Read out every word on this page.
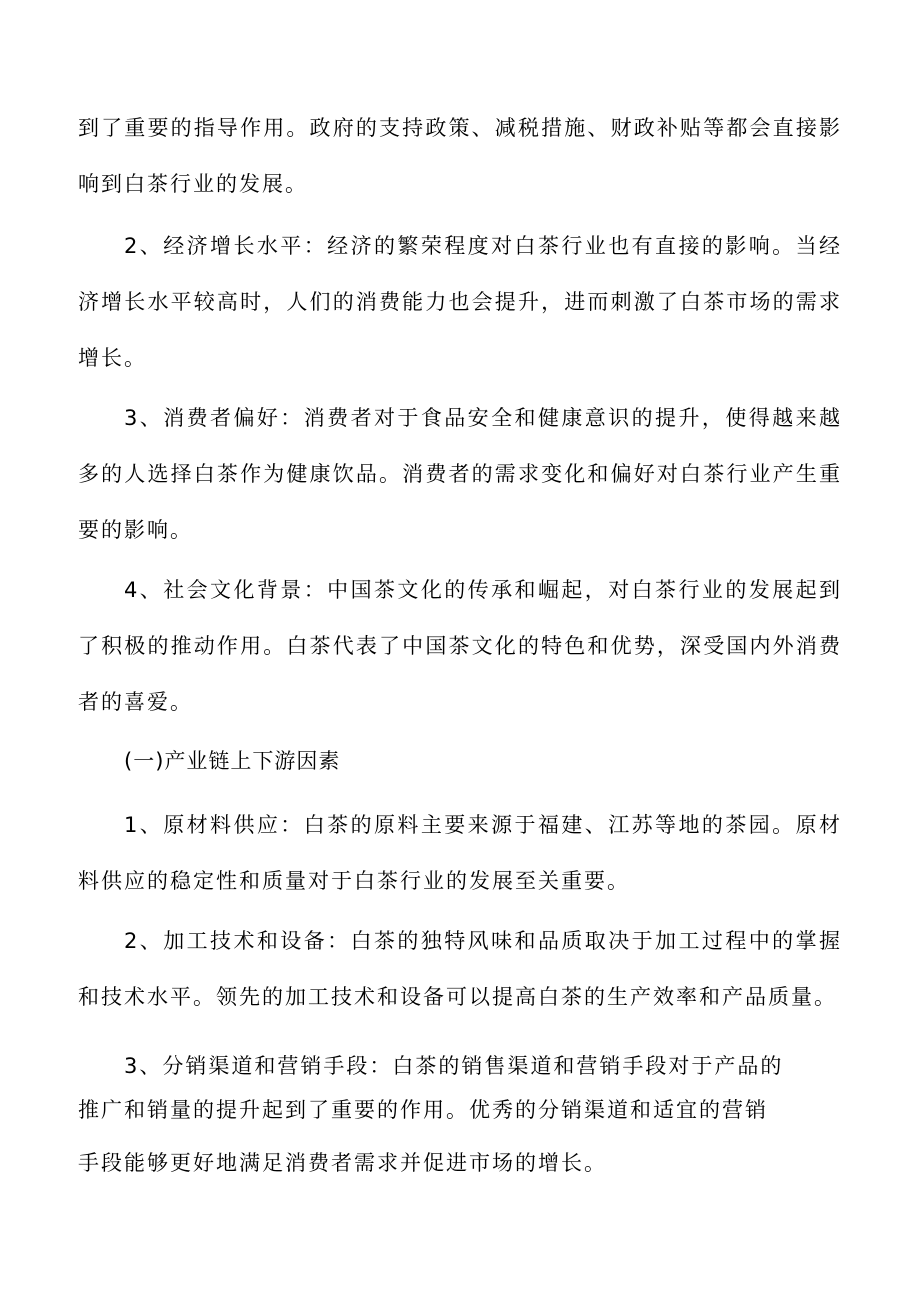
到了重要的指导作用。政府的支持政策、减税措施、财政补贴等都会直接影响到白茶行业的发展。

2、经济增长水平：经济的繁荣程度对白茶行业也有直接的影响。当经济增长水平较高时，人们的消费能力也会提升，进而刺激了白茶市场的需求增长。

3、消费者偏好：消费者对于食品安全和健康意识的提升，使得越来越多的人选择白茶作为健康饮品。消费者的需求变化和偏好对白茶行业产生重要的影响。

4、社会文化背景：中国茶文化的传承和崛起，对白茶行业的发展起到了积极的推动作用。白茶代表了中国茶文化的特色和优势，深受国内外消费者的喜爱。

(一)产业链上下游因素

1、原材料供应：白茶的原料主要来源于福建、江苏等地的茶园。原材料供应的稳定性和质量对于白茶行业的发展至关重要。

2、加工技术和设备：白茶的独特风味和品质取决于加工过程中的掌握和技术水平。领先的加工技术和设备可以提高白茶的生产效率和产品质量。

3、分销渠道和营销手段：白茶的销售渠道和营销手段对于产品的

推广和销量的提升起到了重要的作用。优秀的分销渠道和适宜的营销

手段能够更好地满足消费者需求并促进市场的增长。
